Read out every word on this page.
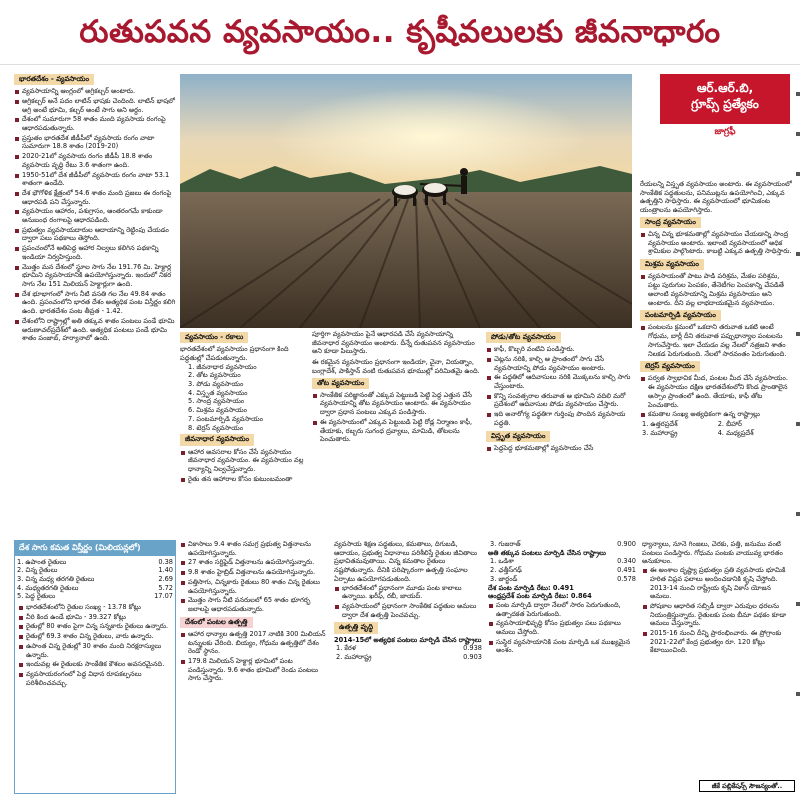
రుతుపవన వ్యవసాయం.. కృషీవలులకు జీవనాధారం
భారతదేశం - వ్యవసాయం
వ్యవసాయాన్ని ఆంగ్లంలో అగ్రికల్చర్ అంటారు.
అగ్రికల్చర్ అనే పదం లాటిన్ భాషకు చెందింది. లాటిన్ భాషలో అగ్రి అంటే భూమి, కల్చర్ అంటే సాగు అని అర్థం.
దేశంలో సుమారుగా 58 శాతం మంది వ్యవసాయ రంగంపై ఆధారపడుతున్నారు.
ప్రస్తుతం భారతదేశ జీడీపీలో వ్యవసాయ రంగం వాటా సుమారుగా 18.8 శాతం (2019-20)
2020-21లో వ్యవసాయ రంగం జీడీపీ 18.8 శాతం వ్యవసాయ వృద్ధి రేటు 3.6 శాతంగా ఉంది.
1950-51లో దేశ జీడీపీలో వ్యవసాయ రంగం వాటా 53.1 శాతంగా ఉండేది.
దేశ భౌగోళిక క్షేత్రంలో 54.6 శాతం మంది ప్రజలు ఈ రంగంపై ఆధారపడి పని చేస్తున్నారు.
వ్యవసాయం ఆహారం, పశుగ్రాసం, ఆంతరంగమే కాకుండా అనుబంధ రంగాలపై ఆధారపడింది.
ప్రభుత్వం వ్యవసాయదారుల ఆదాయాన్ని రెట్టింపు చేయడం ద్వారా పలు పథకాలు తెస్తోంది.
ప్రపంచంలోనే అతిపెద్ద ఆహార నిల్వలు కలిగిన పథకాన్ని ఇండియా నిర్వహిస్తుంది.
మొత్తం మన దేశంలో స్థూల సాగు నేల 191.76 మి. హెక్టార్ల భూమిని వ్యవసాయానికి ఉపయోగిస్తున్నారు. ఇందులో నికర సాగు నేల 151 మిలియన్ హెక్టార్లుగా ఉంది.
దేశ భూభాగంలో సాగు నీటి వసతి గల నేల 49.84 శాతం ఉంది. ప్రపంచంలోని భారత దేశం అత్యధిక పంట విస్తీర్ణం కలిగి ఉంది. భారతదేశం పంట తీవ్రత - 1.42.
దేశంలోని రాష్ట్రాల్లో అతి తక్కువ శాతం పంటలు పండే భూమి అరుణాచల్‌ప్రదేశ్‌లో ఉంది. అత్యధిక పంటలు పండే భూమి శాతం పంజాబ్, హర్యానాలో ఉంది.
ఆర్.ఆర్.బి,
గ్రూప్స్ ప్రత్యేకం
జాగ్రఫీ

రేయలన్ని విస్తృత వ్యవసాయం అంటారు. ఈ వ్యవసాయంలో సాంకేతిక పద్ధతులను, పనిముట్లను ఉపయోగించి, ఎక్కువ ఉత్పత్తిని సాధిస్తారు. ఈ వ్యవసాయంలో భూమికంట యంత్రాలను ఉపయోగిస్తారు.

సాంద్ర వ్యవసాయం
చిన్న చిన్న భూకమతాల్లో వ్యవసాయం చేయడాన్ని సాంద్ర వ్యవసాయం అంటారు. ఇలాంటి వ్యవసాయంలో అధిక శ్రామికుల పాల్గొంటారు. కాబట్టి ఎక్కువ ఉత్పత్తి సాధిస్తారు.
మిశ్రమ వ్యవసాయం
వ్యవసాయంతో పాటు పాడి పరిశ్రమ, మేకల పరిశ్రమ, పట్టు పురుగుల పెంపకం, తేనెటీగల పెంపకాన్ని చేపడితే అలాంటి వ్యవసాయాన్ని మిశ్రమ వ్యవసాయం అని అంటారు. దీని వల్ల లాభదాయకమైన వ్యవసాయం.
పంటమార్పిడి వ్యవసాయం
పంటలను క్రమంలో ఒకదాని తరువాత ఒకటి అంటే గోధుమ, బార్లీ దీని తరువాత పప్పుధాన్యాల పంటలను సాగుచేస్తారు. ఇలా చేయడం వల్ల నేలలో నత్రజని శాతం నిలకడ పెరుగుతుంది. నేలలో సారవంతం పెరుగుతుంది.
టెర్రస్ వ్యవసాయం
పర్వత స్వాభావిక మీద, పంటల మీద చేసే వ్యవసాయం. ఈ వ్యవసాయం దక్షిణ భారతదేశంలోని కొండ ప్రాంతాలైన అస్సాం ప్రాంతంలో ఉంది. తేయాకు, కాఫీ తోట పెంచుతారు.
కమతాల సంఖ్య అత్యధికంగా ఉన్న రాష్ట్రాల్లు
1. ఉత్తరప్రదేశ్	2. బీహార్
3. మహారాష్ట్ర	4. మధ్యప్రదేశ్
వ్యవసాయం - రకాలు

భారతదేశంలో వ్యవసాయం ప్రధానంగా కింది పద్ధతుల్లో చేపడుతున్నారు.

1. జీవనాధార వ్యవసాయం
2. తోట వ్యవసాయం
3. పోడు వ్యవసాయం
4. విస్తృత వ్యవసాయం
5. సాంద్ర వ్యవసాయం
6. మిశ్రమ వ్యవసాయం
7. పంటమార్పిడి వ్యవసాయం
8. టెర్రస్ వ్యవసాయం
జీవనాధార వ్యవసాయం
ఆహార అవసరాల కోసం చేసే వ్యవసాయం జీవనాధార వ్యవసాయం. ఈ వ్యవసాయం వల్ల ధాన్యాన్ని నిల్వచేస్తున్నారు.
రైతు తన ఆహారాల కోసం కుటుంబమంతా

పూర్తిగా వ్యవసాయం పైనే ఆధారపడి చేసే వ్యవసాయాన్ని జీవనాధార వ్యవసాయం అంటారు. దీన్నే రుతుపవన వ్యవసాయం అని కూడా పిలుస్తారు.

ఈ రకమైన వ్యవసాయం ప్రధానంగా ఇండియా, చైనా, వియత్నాం, బంగ్లాదేశ్, పాకిస్తాన్ వంటి రుతుపవన భూముల్లో పరిమితమై ఉంది.

తోట వ్యవసాయం
సాంకేతిక పరిజ్ఞానంతో ఎక్కువ పెట్టుబడి పెట్టి పెద్ద ఎత్తున చేసే వ్యవసాయాన్ని తోట వ్యవసాయం అంటారు. ఈ వ్యవసాయం ద్వారా ప్రధాన పంటలు ఎక్కువ పండిస్తారు.
ఈ వ్యవసాయంలో ఎక్కువ పెట్టుబడి పెట్టి రోడ్ల నిర్మాణం కాఫీ, తేయాకు, రబ్బరు సుగంధ ద్రవ్యాలు, మామిడి, తోటలను పెంచుతారు.
పోడు/తోట వ్యవసాయం
కాఫీ, కొబ్బరి వంటివి పండిస్తారు.
చెట్లను నరికి, కాల్చి ఆ ప్రాంతంలో సాగు చేసే వ్యవసాయాన్ని పోడు వ్యవసాయం అంటారు.
ఈ పద్ధతిలో ఆదివాసులు నరికి మొక్కలను కాల్చి సాగు చేస్తుంటారు.
కొన్ని సంవత్సరాల తరువాత ఆ భూమిని వదిలి మరో ప్రదేశంలో ఆదివాసుల పోడు వ్యవసాయం చేస్తారు.
ఇది అనారోగ్య పద్ధతిగా గుర్తింపు పొందిన వ్యవసాయ పద్ధతి.
విస్తృత వ్యవసాయం
పెద్దపెద్ద భూకమతాల్లో వ్యవసాయం చేసే
దేశ సాగు కమత విస్తీర్ణం (మిలియన్లలో)
1. ఉపాంత రైతులు	0.38
2. చిన్న రైతులు	1.40
3. చిన్న మధ్య తరగతి రైతులు	2.69
4. మధ్యతరగతి రైతులు	5.72
5. పెద్ద రైతులు	17.07
భారతదేశంలోని రైతుల సంఖ్య - 13.78 కోట్లు
వీరి కింద ఉండే భూమి - 39.327 కోట్లు
రైతుల్లో 80 శాతం పైగా చిన్న సన్నకారు రైతులు ఉన్నారు.
రైతుల్లో 69.3 శాతం చిన్న రైతులు, వారు ఉన్నారు.
ఉపాంత చిన్న రైతుల్లో 30 శాతం మంది నిరక్షరాస్యులు ఉన్నారు.
ఇందువల్ల ఈ రైతులకు సాంకేతిక కౌశలం అవసరమైనది.
వ్యవసాయరంగంలో పెద్ద విధాన రూపకల్పనలు పరిశీలించవచ్చు.
వికాసాలు 9.4 శాతం సమగ్ర ప్రభుత్వ విత్తనాలను ఉపయోగిస్తున్నారు.
27 శాతం సర్టిఫైడ్ విత్తనాలను ఉపయోగిస్తున్నారు.
9.8 శాతం హైబ్రిడ్ విత్తనాలను ఉపయోగిస్తున్నారు.
పత్తిసాగు, చిన్నకారు రైతులు 80 శాతం చిన్న రైతులు ఉపయోగిస్తున్నారు.
మొత్తం సాగు నీటి వనరులలో 65 శాతం భూగర్భ జలాలపై ఆధారపడుతున్నారు.
దేశంలో పంటల ఉత్పత్తి
ఆహార ధాన్యాల ఉత్పత్తి 2017 నాటికి 300 మిలియన్ టన్నులకు చేరింది. బియ్యం, గోధుమ ఉత్పత్తిలో దేశం రెండో స్థానం.
179.8 మిలియన్ హెక్టార్ల భూమిలో పంట పండిస్తున్నారు. 9.6 శాతం భూమిలో రెండు పంటలు సాగు చేస్తారు.

వ్యవసాయ శిక్షణ పద్ధతులు, కమతాలు, దిగుబడి, ఆదాయం, ప్రభుత్వ విధానాలు పరిశీలిస్తే రైతుల జీవితాలు ప్రభావితమవుతాయి. చిన్న కమతాల రైతులు నష్టపోతున్నారు. దీనికి పరిష్కారంగా ఉత్పత్తి సంఘాల ఏర్పాటు ఉపయోగపడుతుంది.

భారతదేశంలో ప్రధానంగా మూడు పంట కాలాలు ఉన్నాయి. ఖరీఫ్, రబీ, జాయద్.
వ్యవసాయంలో ప్రధానంగా సాంకేతిక పద్ధతుల అమలు ద్వారా దేశ ఉత్పత్తి పెంచవచ్చు.
ఉత్పత్తి వృద్ధి

2014-15లో అత్యధిక పంటలు మార్పిడి చేసిన రాష్ట్రాలు

1. కేరళ	0.938
2. మహారాష్ట్ర	0.903
3. గుజరాత్	0.900

అతి తక్కువ పంటలు మార్పిడి చేసిన రాష్ట్రాలు

1. ఒడిశా	0.340
2. ఛత్తీస్‌గఢ్	0.491
3. జార్ఖండ్	0.578

దేశ పంట మార్పిడి రేటు: 0.491

ఆంధ్రప్రదేశ్ పంట మార్పిడి రేటు: 0.864

పంట మార్పిడి ద్వారా నేలలో సారం పెరుగుతుంది, ఉత్పాదకత పెరుగుతుంది.
వ్యవసాయాభివృద్ధి కోసం ప్రభుత్వం పలు పథకాలు అమలు చేస్తోంది.
సుస్థిర వ్యవసాయానికి పంట మార్పిడి ఒక ముఖ్యమైన అంశం.

ధ్యాన్యాలు, నూనె గింజలు, చెరకు, పత్తి, జనుము వంటి పంటలు పండిస్తారు. గోధుమ పంటకు వాయువ్య భారతం అనుకూలం.

ఈ అంశాల దృష్ట్యా ప్రభుత్వం ప్రతి వ్యవసాయ భూమికి హరిత విప్లవ ఫలాలు అందించడానికి కృషి చేస్తోంది. 2013-14 నుంచి రాష్ట్రీయ కృషి వికాస్ యోజన అమలు.
పోషకాల ఆధారిత సబ్సిడీ ద్వారా ఎరువుల ధరలను నియంత్రిస్తున్నారు. రైతులకు పంట బీమా పథకం కూడా అమలు చేస్తున్నారు.
2015-16 నుంచి దీన్ని ప్రారంభించారు. ఈ ప్రోగ్రాంకు 2021-22లో కేంద్ర ప్రభుత్వం రూ. 120 కోట్లు కేటాయించింది.
జీకే పబ్లికేషన్స్ సౌజన్యంతో..
